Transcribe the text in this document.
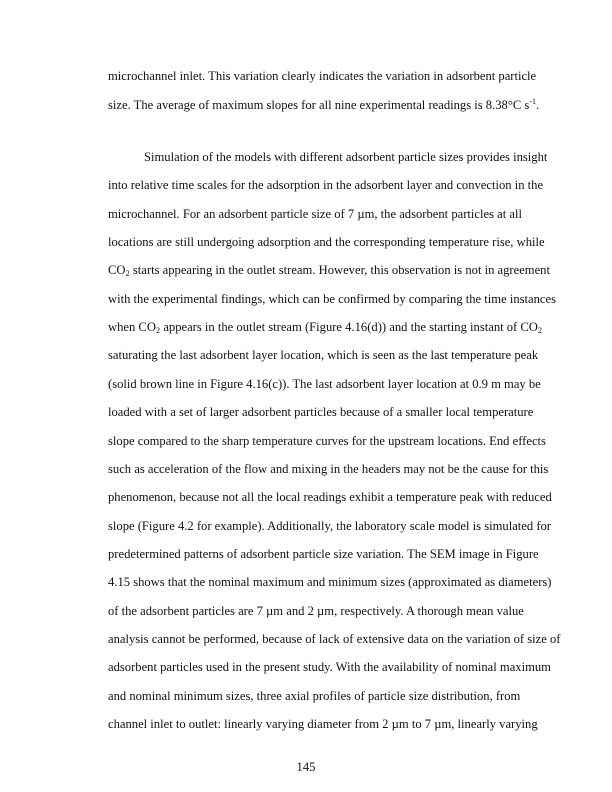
microchannel inlet. This variation clearly indicates the variation in adsorbent particle
size. The average of maximum slopes for all nine experimental readings is 8.38°C $s^{-1}$.
Simulation of the models with different adsorbent particle sizes provides insight
into relative time scales for the adsorption in the adsorbent layer and convection in the
microchannel. For an adsorbent particle size of 7 µm, the adsorbent particles at all
locations are still undergoing adsorption and the corresponding temperature rise, while
$CO_2$ starts appearing in the outlet stream. However, this observation is not in agreement
with the experimental findings, which can be confirmed by comparing the time instances
when $CO_2$ appears in the outlet stream (Figure 4.16(d)) and the starting instant of $CO_2$
saturating the last adsorbent layer location, which is seen as the last temperature peak
(solid brown line in Figure 4.16(c)). The last adsorbent layer location at 0.9 m may be
loaded with a set of larger adsorbent particles because of a smaller local temperature
slope compared to the sharp temperature curves for the upstream locations. End effects
such as acceleration of the flow and mixing in the headers may not be the cause for this
phenomenon, because not all the local readings exhibit a temperature peak with reduced
slope (Figure 4.2 for example). Additionally, the laboratory scale model is simulated for
predetermined patterns of adsorbent particle size variation. The SEM image in Figure
4.15 shows that the nominal maximum and minimum sizes (approximated as diameters)
of the adsorbent particles are 7 µm and 2 µm, respectively. A thorough mean value
analysis cannot be performed, because of lack of extensive data on the variation of size of
adsorbent particles used in the present study. With the availability of nominal maximum
and nominal minimum sizes, three axial profiles of particle size distribution, from
channel inlet to outlet: linearly varying diameter from 2 µm to 7 µm, linearly varying
145
